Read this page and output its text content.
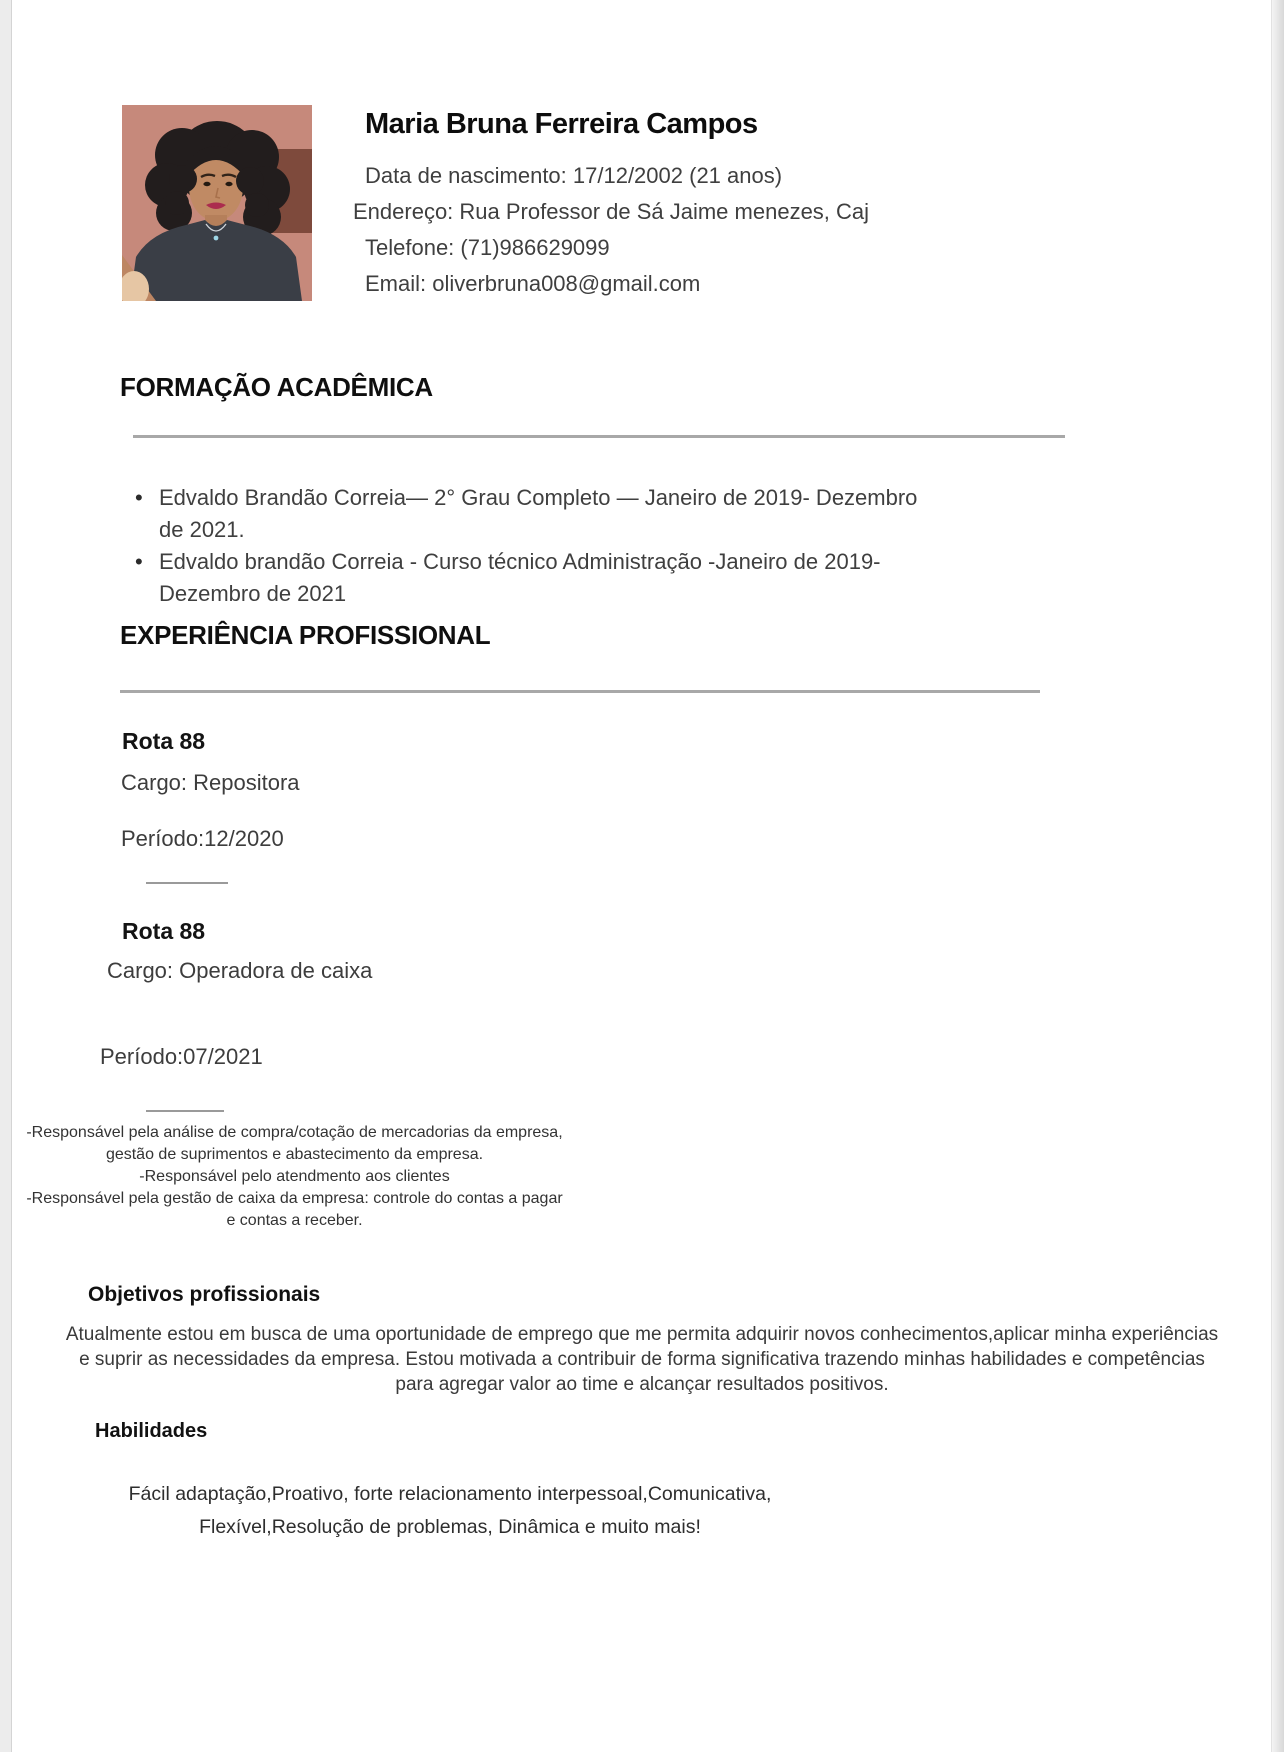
Maria Bruna Ferreira Campos
Data de nascimento: 17/12/2002 (21 anos)
Endereço: Rua Professor de Sá Jaime menezes, Caj
Telefone: (71)986629099
Email: oliverbruna008@gmail.com
FORMAÇÃO ACADÊMICA
• Edvaldo Brandão Correia— 2° Grau Completo — Janeiro de 2019- Dezembro de 2021.
• Edvaldo brandão Correia - Curso técnico Administração -Janeiro de 2019- Dezembro de 2021
EXPERIÊNCIA PROFISSIONAL
Rota 88
Cargo: Repositora
Período:12/2020
Rota 88
Cargo: Operadora de caixa
Período:07/2021
-Responsável pela análise de compra/cotação de mercadorias da empresa, gestão de suprimentos e abastecimento da empresa.
-Responsável pelo atendmento aos clientes
-Responsável pela gestão de caixa da empresa: controle do contas a pagar e contas a receber.
Objetivos profissionais
Atualmente estou em busca de uma oportunidade de emprego que me permita adquirir novos conhecimentos,aplicar minha experiências e suprir as necessidades da empresa. Estou motivada a contribuir de forma significativa trazendo minhas habilidades e competências para agregar valor ao time e alcançar resultados positivos.
Habilidades
Fácil adaptação,Proativo, forte relacionamento interpessoal,Comunicativa, Flexível,Resolução de problemas, Dinâmica e muito mais!
